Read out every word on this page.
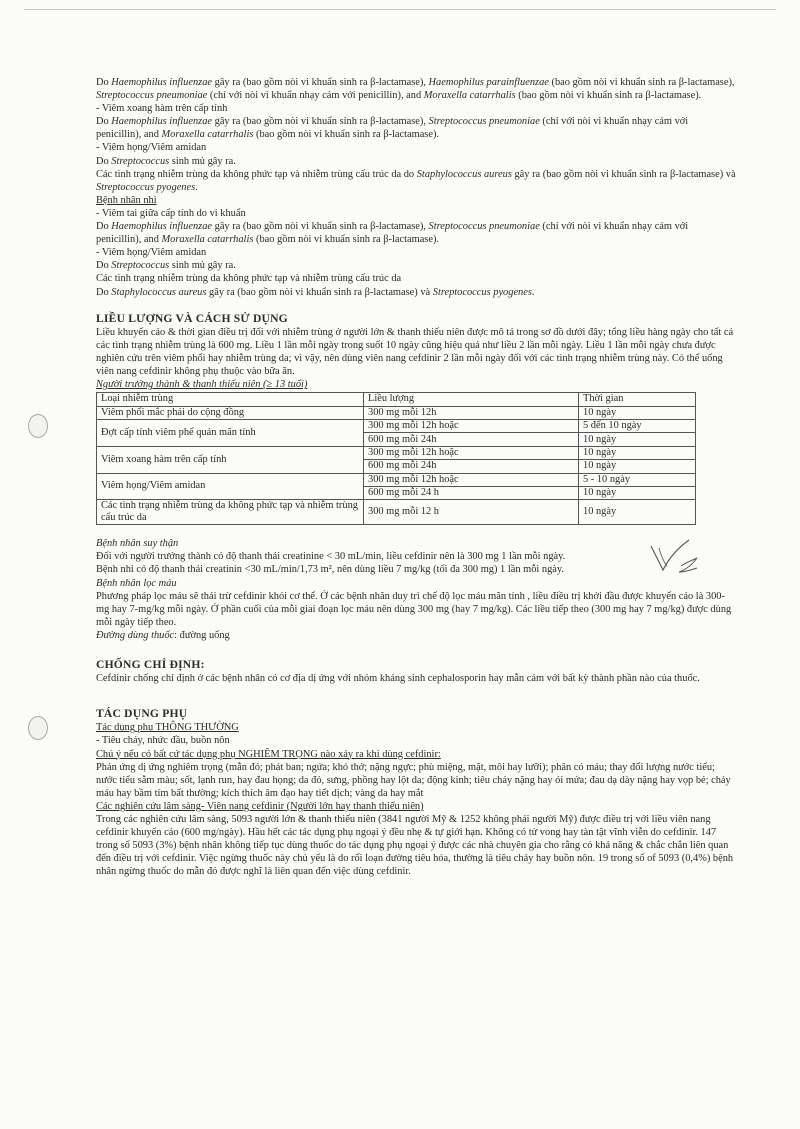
Do Haemophilus influenzae gây ra (bao gồm nòi vi khuẩn sinh ra β-lactamase), Haemophilus parainfluenzae (bao gồm nòi vi khuẩn sinh ra β-lactamase), Streptococcus pneumoniae (chỉ với nòi vi khuẩn nhạy cảm với penicillin), and Moraxella catarrhalis (bao gồm nòi vi khuẩn sinh ra β-lactamase).

- Viêm xoang hàm trên cấp tính

Do Haemophilus influenzae gây ra (bao gồm nòi vi khuẩn sinh ra β-lactamase), Streptococcus pneumoniae (chỉ với nòi vi khuẩn nhạy cảm với penicillin), and Moraxella catarrhalis (bao gồm nòi vi khuẩn sinh ra β-lactamase).

- Viêm họng/Viêm amidan

Do Streptococcus sinh mủ gây ra.

Các tình trạng nhiễm trùng da không phức tạp và nhiễm trùng cấu trúc da do Staphylococcus aureus gây ra (bao gồm nòi vi khuẩn sinh ra β-lactamase) và Streptococcus pyogenes.

Bệnh nhân nhi

- Viêm tai giữa cấp tính do vi khuẩn

Do Haemophilus influenzae gây ra (bao gồm nòi vi khuẩn sinh ra β-lactamase), Streptococcus pneumoniae (chỉ với nòi vi khuẩn nhạy cảm với penicillin), and Moraxella catarrhalis (bao gồm nòi vi khuẩn sinh ra β-lactamase).

- Viêm họng/Viêm amidan

Do Streptococcus sinh mủ gây ra.

Các tình trạng nhiễm trùng da không phức tạp và nhiễm trùng cấu trúc da

Do Staphylococcus aureus gây ra (bao gồm nòi vi khuẩn sinh ra β-lactamase) và Streptococcus pyogenes.

LIỀU LƯỢNG VÀ CÁCH SỬ DỤNG

Liều khuyến cáo & thời gian điều trị đối với nhiễm trùng ở người lớn & thanh thiếu niên được mô tả trong sơ đồ dưới đây; tổng liều hàng ngày cho tất cả các tình trạng nhiễm trùng là 600 mg. Liều 1 lần mỗi ngày trong suốt 10 ngày cũng hiệu quả như liều 2 lần mỗi ngày. Liều 1 lần mỗi ngày chưa được nghiên cứu trên viêm phổi hay nhiễm trùng da; vì vậy, nên dùng viên nang cefdinir 2 lần mỗi ngày đối với các tình trạng nhiễm trùng này. Có thể uống viên nang cefdinir không phụ thuộc vào bữa ăn.

Người trưởng thành & thanh thiếu niên (≥ 13 tuổi)

Loại nhiễm trùng	Liều lượng	Thời gian
Viêm phổi mắc phải do cộng đồng	300 mg mỗi 12h	10 ngày
Đợt cấp tính viêm phế quản mãn tính	300 mg mỗi 12h hoặc	5 đến 10 ngày
	600 mg mỗi 24h	10 ngày
Viêm xoang hàm trên cấp tính	300 mg mỗi 12h hoặc	10 ngày
	600 mg mỗi 24h	10 ngày
Viêm họng/Viêm amidan	300 mg mỗi 12h hoặc	5 - 10 ngày
	600 mg mỗi 24 h	10 ngày
Các tình trạng nhiễm trùng da không phức tạp và nhiễm trùng cấu trúc da	300 mg mỗi 12 h	10 ngày

Bệnh nhân suy thận

Đối với người trưởng thành có độ thanh thải creatinine < 30 mL/min, liều cefdinir nên là 300 mg 1 lần mỗi ngày.

Bệnh nhi có độ thanh thải creatinin <30 mL/min/1,73 m², nên dùng liều 7 mg/kg (tối đa 300 mg) 1 lần mỗi ngày.

Bệnh nhân lọc máu

Phương pháp lọc máu sẽ thải trừ cefdinir khỏi cơ thể. Ở các bệnh nhân duy trì chế độ lọc máu mãn tính , liều điều trị khởi đầu được khuyến cáo là 300-mg hay 7-mg/kg mỗi ngày. Ở phần cuối của mỗi giai đoạn lọc máu nên dùng 300 mg (hay 7 mg/kg). Các liều tiếp theo (300 mg hay 7 mg/kg) được dùng mỗi ngày tiếp theo.

Đường dùng thuốc: đường uống

CHỐNG CHỈ ĐỊNH:

Cefdinir chống chỉ định ở các bệnh nhân có cơ địa dị ứng với nhóm kháng sinh cephalosporin hay mẫn cảm với bất kỳ thành phần nào của thuốc.

TÁC DỤNG PHỤ

Tác dụng phụ THÔNG THƯỜNG

- Tiêu chảy, nhức đầu, buồn nôn

Chú ý nếu có bất cứ tác dụng phụ NGHIÊM TRỌNG nào xảy ra khi dùng cefdinir:

Phản ứng dị ứng nghiêm trọng (mẫn đỏ; phát ban; ngứa; khó thở; nặng ngực; phù miệng, mặt, môi hay lưỡi); phân có máu; thay đổi lượng nước tiểu; nước tiểu sẫm màu; sốt, lạnh run, hay đau họng; da đỏ, sưng, phồng hay lột da; động kinh; tiêu chảy nặng hay ói mửa; đau dạ dày nặng hay vọp bẻ; chảy máu hay bầm tím bất thường; kích thích âm đạo hay tiết dịch; vàng da hay mắt

Các nghiên cứu lâm sàng- Viên nang cefdinir (Người lớn hay thanh thiếu niên)

Trong các nghiên cứu lâm sàng, 5093 người lớn & thanh thiếu niên (3841 người Mỹ & 1252 không phải người Mỹ) được điều trị với liều viên nang cefdinir khuyến cáo (600 mg/ngày). Hầu hết các tác dụng phụ ngoại ý đều nhẹ & tự giới hạn. Không có tử vong hay tàn tật vĩnh viễn do cefdinir. 147 trong số 5093 (3%) bệnh nhân không tiếp tục dùng thuốc do tác dụng phụ ngoại ý được các nhà chuyên gia cho rằng có khả năng & chắc chắn liên quan đến điều trị với cefdinir. Việc ngừng thuốc này chủ yếu là do rối loạn đường tiêu hóa, thường là tiêu chảy hay buồn nôn. 19 trong số of 5093 (0,4%) bệnh nhân ngừng thuốc do mẫn đỏ được nghĩ là liên quan đến việc dùng cefdinir.
